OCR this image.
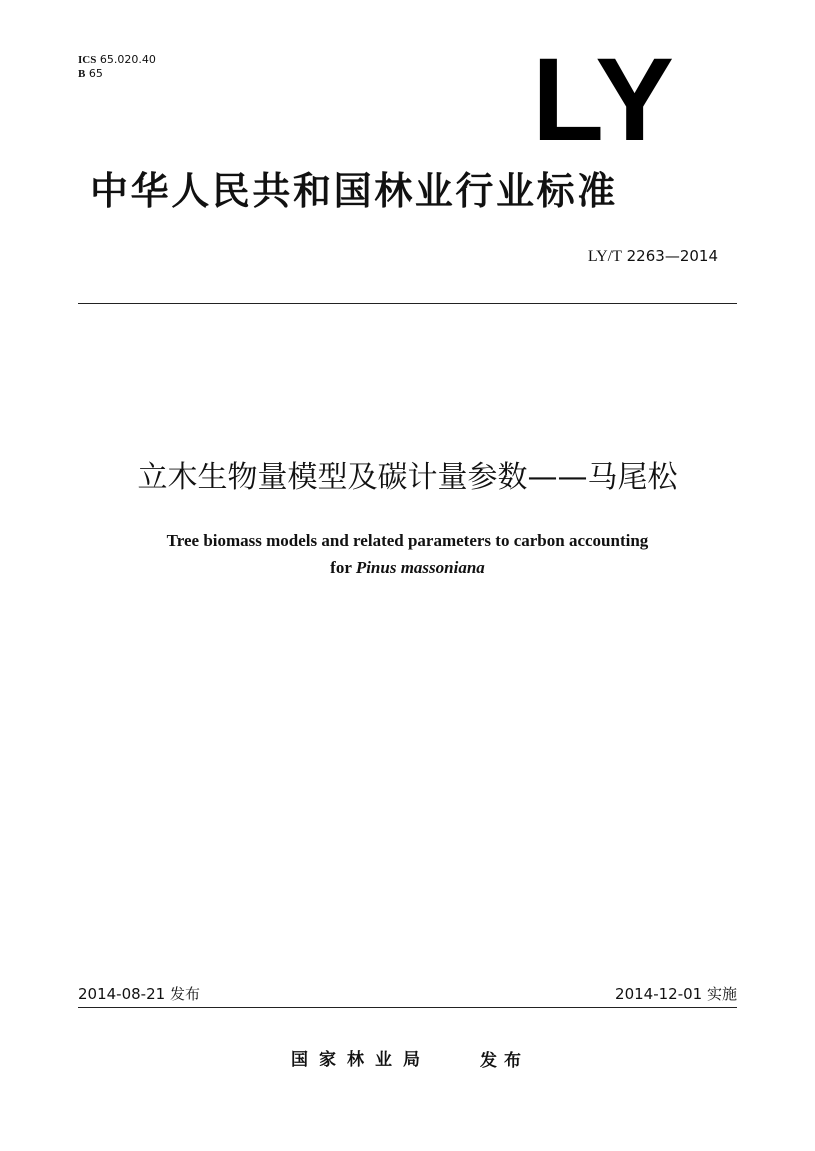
ICS 65.020.40
B 65	LY
中华人民共和国林业行业标准
LY/T 2263—2014
立木生物量模型及碳计量参数——马尾松
Tree biomass models and related parameters to carbon accounting
for Pinus massoniana
2014-08-21 发布	2014-12-01 实施
国家林业局	发布
